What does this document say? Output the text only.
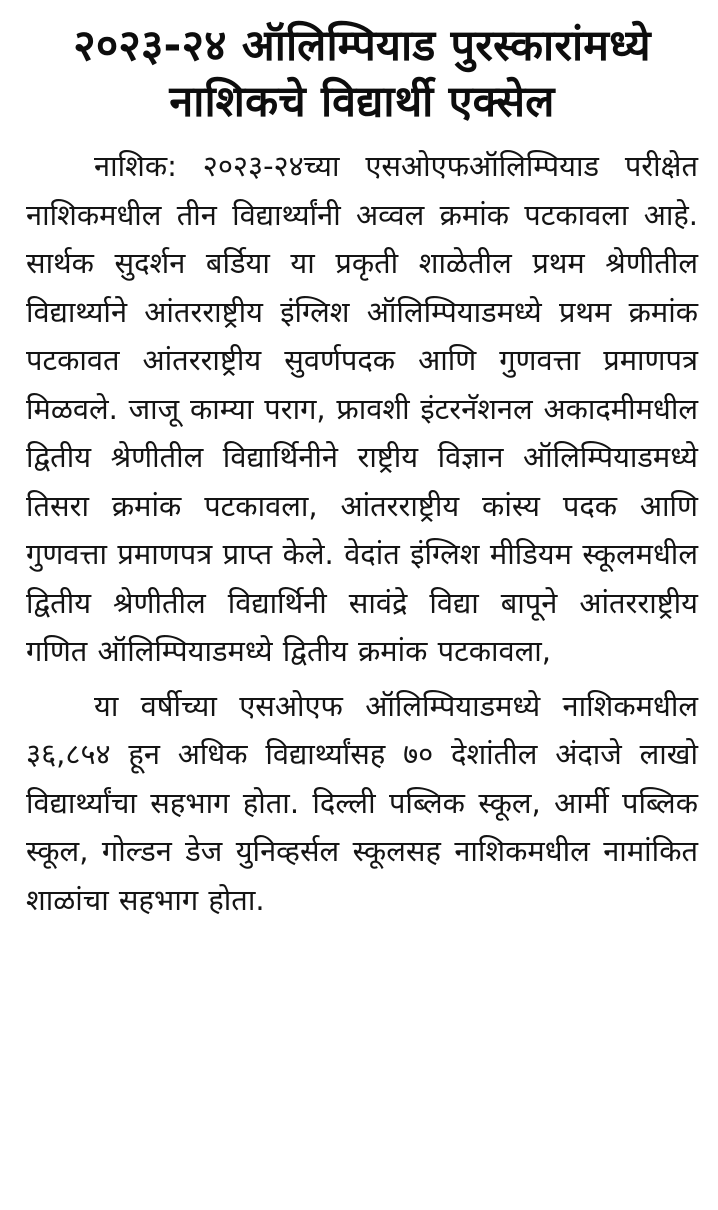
२०२३-२४ ऑलिम्पियाड पुरस्कारांमध्ये
नाशिकचे विद्यार्थी एक्सेल

नाशिक: २०२३-२४च्या एसओएफऑलिम्पियाड परीक्षेत नाशिकमधील तीन विद्यार्थ्यांनी अव्वल क्रमांक पटकावला आहे. सार्थक सुदर्शन बर्डिया या प्रकृती शाळेतील प्रथम श्रेणीतील विद्यार्थ्याने आंतरराष्ट्रीय इंग्लिश ऑलिम्पियाडमध्ये प्रथम क्रमांक पटकावत आंतरराष्ट्रीय सुवर्णपदक आणि गुणवत्ता प्रमाणपत्र मिळवले. जाजू काम्या पराग, फ्रावशी इंटरनॅशनल अकादमीमधील द्वितीय श्रेणीतील विद्यार्थिनीने राष्ट्रीय विज्ञान ऑलिम्पियाडमध्ये तिसरा क्रमांक पटकावला, आंतरराष्ट्रीय कांस्य पदक आणि गुणवत्ता प्रमाणपत्र प्राप्त केले. वेदांत इंग्लिश मीडियम स्कूलमधील द्वितीय श्रेणीतील विद्यार्थिनी सावंद्रे विद्या बापूने आंतरराष्ट्रीय गणित ऑलिम्पियाडमध्ये द्वितीय क्रमांक पटकावला,

या वर्षीच्या एसओएफ ऑलिम्पियाडमध्ये नाशिकमधील ३६,८५४ हून अधिक विद्यार्थ्यांसह ७० देशांतील अंदाजे लाखो विद्यार्थ्यांचा सहभाग होता. दिल्ली पब्लिक स्कूल, आर्मी पब्लिक स्कूल, गोल्डन डेज युनिव्हर्सल स्कूलसह नाशिकमधील नामांकित शाळांचा सहभाग होता.
